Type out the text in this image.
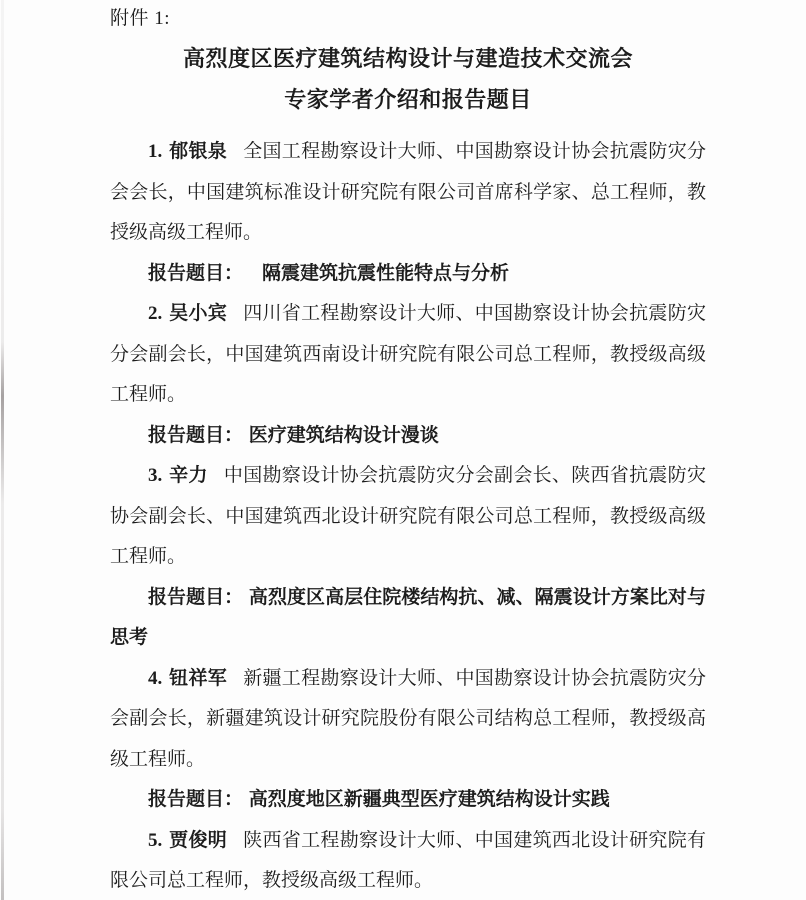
附件 1:
高烈度区医疗建筑结构设计与建造技术交流会
专家学者介绍和报告题目

1. 郁银泉 全国工程勘察设计大师、中国勘察设计协会抗震防灾分会会长，中国建筑标准设计研究院有限公司首席科学家、总工程师，教授级高级工程师。

报告题目： 隔震建筑抗震性能特点与分析

2. 吴小宾 四川省工程勘察设计大师、中国勘察设计协会抗震防灾分会副会长，中国建筑西南设计研究院有限公司总工程师，教授级高级工程师。

报告题目： 医疗建筑结构设计漫谈

3. 辛力 中国勘察设计协会抗震防灾分会副会长、陕西省抗震防灾协会副会长、中国建筑西北设计研究院有限公司总工程师，教授级高级工程师。

报告题目： 高烈度区高层住院楼结构抗、减、隔震设计方案比对与思考

4. 钮祥军 新疆工程勘察设计大师、中国勘察设计协会抗震防灾分会副会长，新疆建筑设计研究院股份有限公司结构总工程师，教授级高级工程师。

报告题目： 高烈度地区新疆典型医疗建筑结构设计实践

5. 贾俊明 陕西省工程勘察设计大师、中国建筑西北设计研究院有限公司总工程师，教授级高级工程师。
